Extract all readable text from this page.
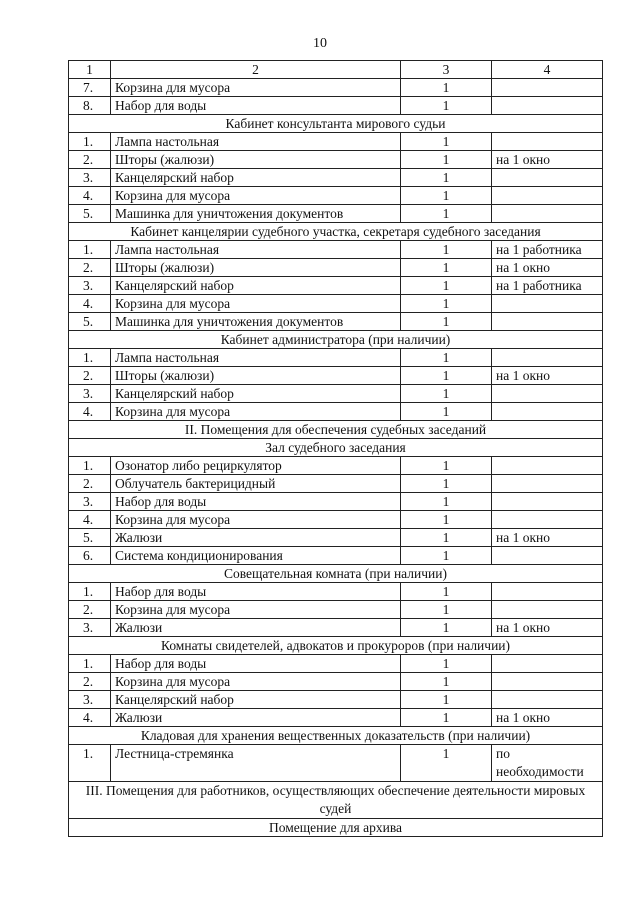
10
1	2	3	4
7.	Корзина для мусора	1	
8.	Набор для воды	1	
Кабинет консультанта мирового судьи			
1.	Лампа настольная	1	
2.	Шторы (жалюзи)	1	на 1 окно
3.	Канцелярский набор	1	
4.	Корзина для мусора	1	
5.	Машинка для уничтожения документов	1	
Кабинет канцелярии судебного участка, секретаря судебного заседания			
1.	Лампа настольная	1	на 1 работника
2.	Шторы (жалюзи)	1	на 1 окно
3.	Канцелярский набор	1	на 1 работника
4.	Корзина для мусора	1	
5.	Машинка для уничтожения документов	1	
Кабинет администратора (при наличии)			
1.	Лампа настольная	1	
2.	Шторы (жалюзи)	1	на 1 окно
3.	Канцелярский набор	1	
4.	Корзина для мусора	1	
II. Помещения для обеспечения судебных заседаний			
Зал судебного заседания			
1.	Озонатор либо рециркулятор	1	
2.	Облучатель бактерицидный	1	
3.	Набор для воды	1	
4.	Корзина для мусора	1	
5.	Жалюзи	1	на 1 окно
6.	Система кондиционирования	1	
Совещательная комната (при наличии)			
1.	Набор для воды	1	
2.	Корзина для мусора	1	
3.	Жалюзи	1	на 1 окно
Комнаты свидетелей, адвокатов и прокуроров (при наличии)			
1.	Набор для воды	1	
2.	Корзина для мусора	1	
3.	Канцелярский набор	1	
4.	Жалюзи	1	на 1 окно
Кладовая для хранения вещественных доказательств (при наличии)			
1.	Лестница-стремянка	1	по необходимости
III. Помещения для работников, осуществляющих обеспечение деятельности мировых судей			
Помещение для архива			
